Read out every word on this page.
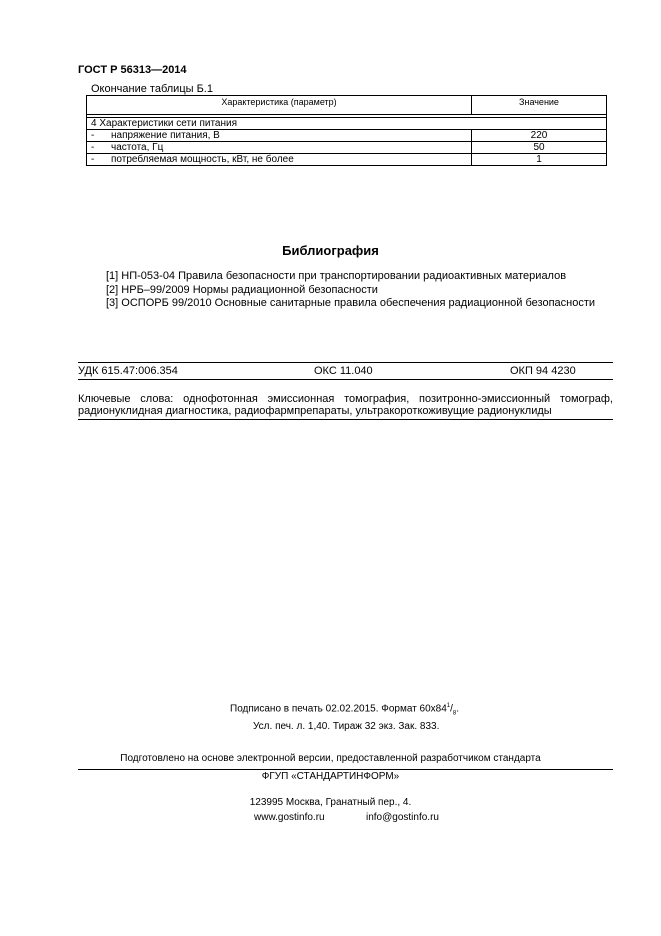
ГОСТ Р 56313—2014
Окончание таблицы Б.1
Характеристика (параметр)		Значение

4 Характеристики сети питания		
-	напряжение питания, В	220
-	частота, Гц	50
-	потребляемая мощность, кВт, не более	1
Библиография
[1] НП-053-04 Правила безопасности при транспортировании радиоактивных материалов
[2] НРБ–99/2009 Нормы радиационной безопасности
[3] ОСПОРБ 99/2010 Основные санитарные правила обеспечения радиационной безопасности
УДК 615.47:006.354	ОКС 11.040	ОКП 94 4230
Ключевые слова: однофотонная эмиссионная томография, позитронно-эмиссионный томограф,
радионуклидная диагностика, радиофармпрепараты, ультракороткоживущие радионуклиды
Подписано в печать 02.02.2015. Формат $60х84^1/_8$.
Усл. печ. л. 1,40. Тираж 32 экз. Зак. 833.
Подготовлено на основе электронной версии, предоставленной разработчиком стандарта
ФГУП «СТАНДАРТИНФОРМ»
123995 Москва, Гранатный пер., 4.
www.gostinfo.ru	info@gostinfo.ru
